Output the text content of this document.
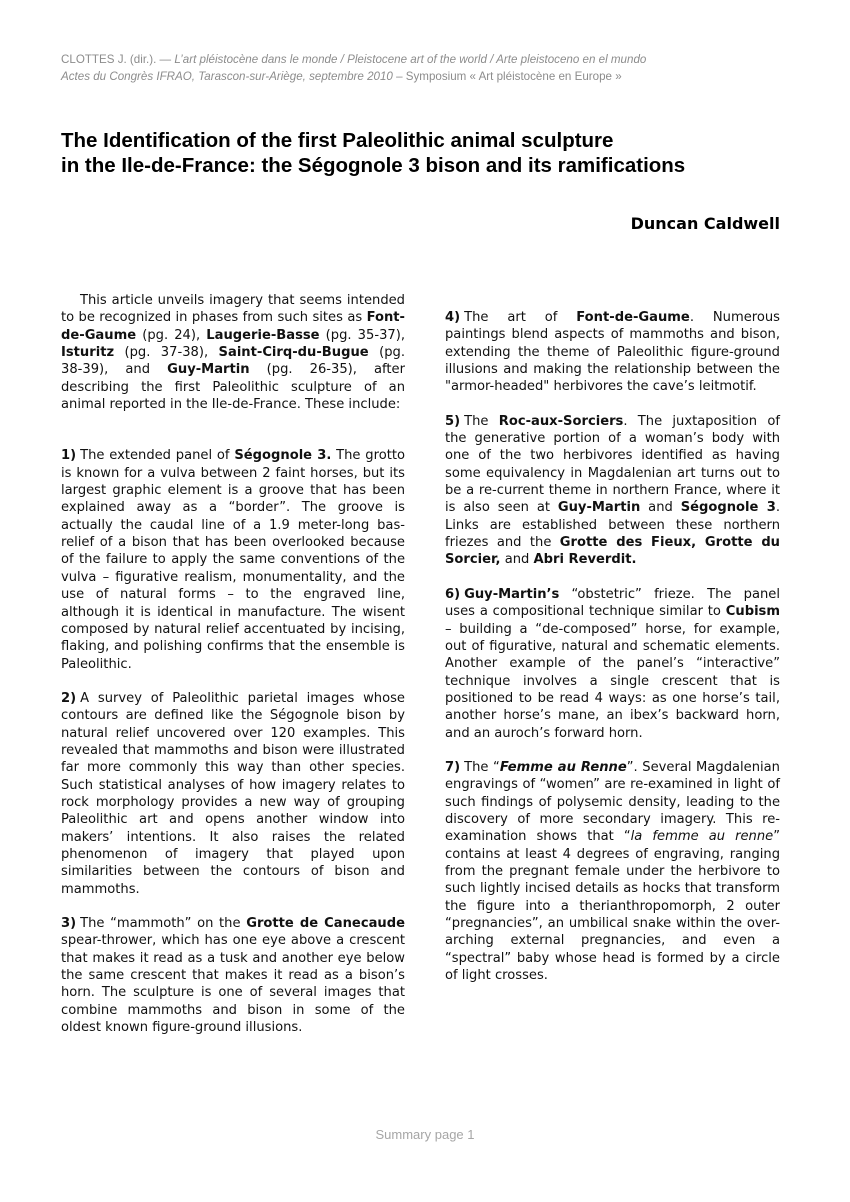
CLOTTES J. (dir.). — L’art pléistocène dans le monde / Pleistocene art of the world / Arte pleistoceno en el mundo
Actes du Congrès IFRAO, Tarascon-sur-Ariège, septembre 2010 – Symposium « Art pléistocène en Europe »
The Identification of the first Paleolithic animal sculpture
in the Ile-de-France: the Ségognole 3 bison and its ramifications
Duncan Caldwell

This article unveils imagery that seems intended to be recognized in phases from such sites as Font-de-Gaume (pg. 24), Laugerie-Basse (pg. 35-37), Isturitz (pg. 37-38), Saint-Cirq-du-Bugue (pg. 38-39), and Guy-Martin (pg. 26-35), after describing the first Paleolithic sculpture of an animal reported in the Ile-de-France. These include:

1) The extended panel of Ségognole 3. The grotto is known for a vulva between 2 faint horses, but its largest graphic element is a groove that has been explained away as a “border”. The groove is actually the caudal line of a 1.9 meter-long bas-relief of a bison that has been overlooked because of the failure to apply the same conventions of the vulva – figurative realism, monumentality, and the use of natural forms – to the engraved line, although it is identical in manufacture. The wisent composed by natural relief accentuated by incising, flaking, and polishing confirms that the ensemble is Paleolithic.

2) A survey of Paleolithic parietal images whose contours are defined like the Ségognole bison by natural relief uncovered over 120 examples. This revealed that mammoths and bison were illustrated far more commonly this way than other species. Such statistical analyses of how imagery relates to rock morphology provides a new way of grouping Paleolithic art and opens another window into makers’ intentions. It also raises the related phenomenon of imagery that played upon similarities between the contours of bison and mammoths.

3) The “mammoth” on the Grotte de Canecaude spear-thrower, which has one eye above a crescent that makes it read as a tusk and another eye below the same crescent that makes it read as a bison’s horn. The sculpture is one of several images that combine mammoths and bison in some of the oldest known figure-ground illusions.

4) The art of Font-de-Gaume. Numerous paintings blend aspects of mammoths and bison, extending the theme of Paleolithic figure-ground illusions and making the relationship between the "armor-headed" herbivores the cave’s leitmotif.

5) The Roc-aux-Sorciers. The juxtaposition of the generative portion of a woman’s body with one of the two herbivores identified as having some equivalency in Magdalenian art turns out to be a re-current theme in northern France, where it is also seen at Guy-Martin and Ségognole 3. Links are established between these northern friezes and the Grotte des Fieux, Grotte du Sorcier, and Abri Reverdit.

6) Guy-Martin’s “obstetric” frieze. The panel uses a compositional technique similar to Cubism – building a “de-composed” horse, for example, out of figurative, natural and schematic elements. Another example of the panel’s “interactive” technique involves a single crescent that is positioned to be read 4 ways: as one horse’s tail, another horse’s mane, an ibex’s backward horn, and an auroch’s forward horn.

7) The “Femme au Renne”. Several Magdalenian engravings of “women” are re-examined in light of such findings of polysemic density, leading to the discovery of more secondary imagery. This re-examination shows that “la femme au renne” contains at least 4 degrees of engraving, ranging from the pregnant female under the herbivore to such lightly incised details as hocks that transform the figure into a therianthropomorph, 2 outer “pregnancies”, an umbilical snake within the over-arching external pregnancies, and even a “spectral” baby whose head is formed by a circle of light crosses.

Summary page 1
